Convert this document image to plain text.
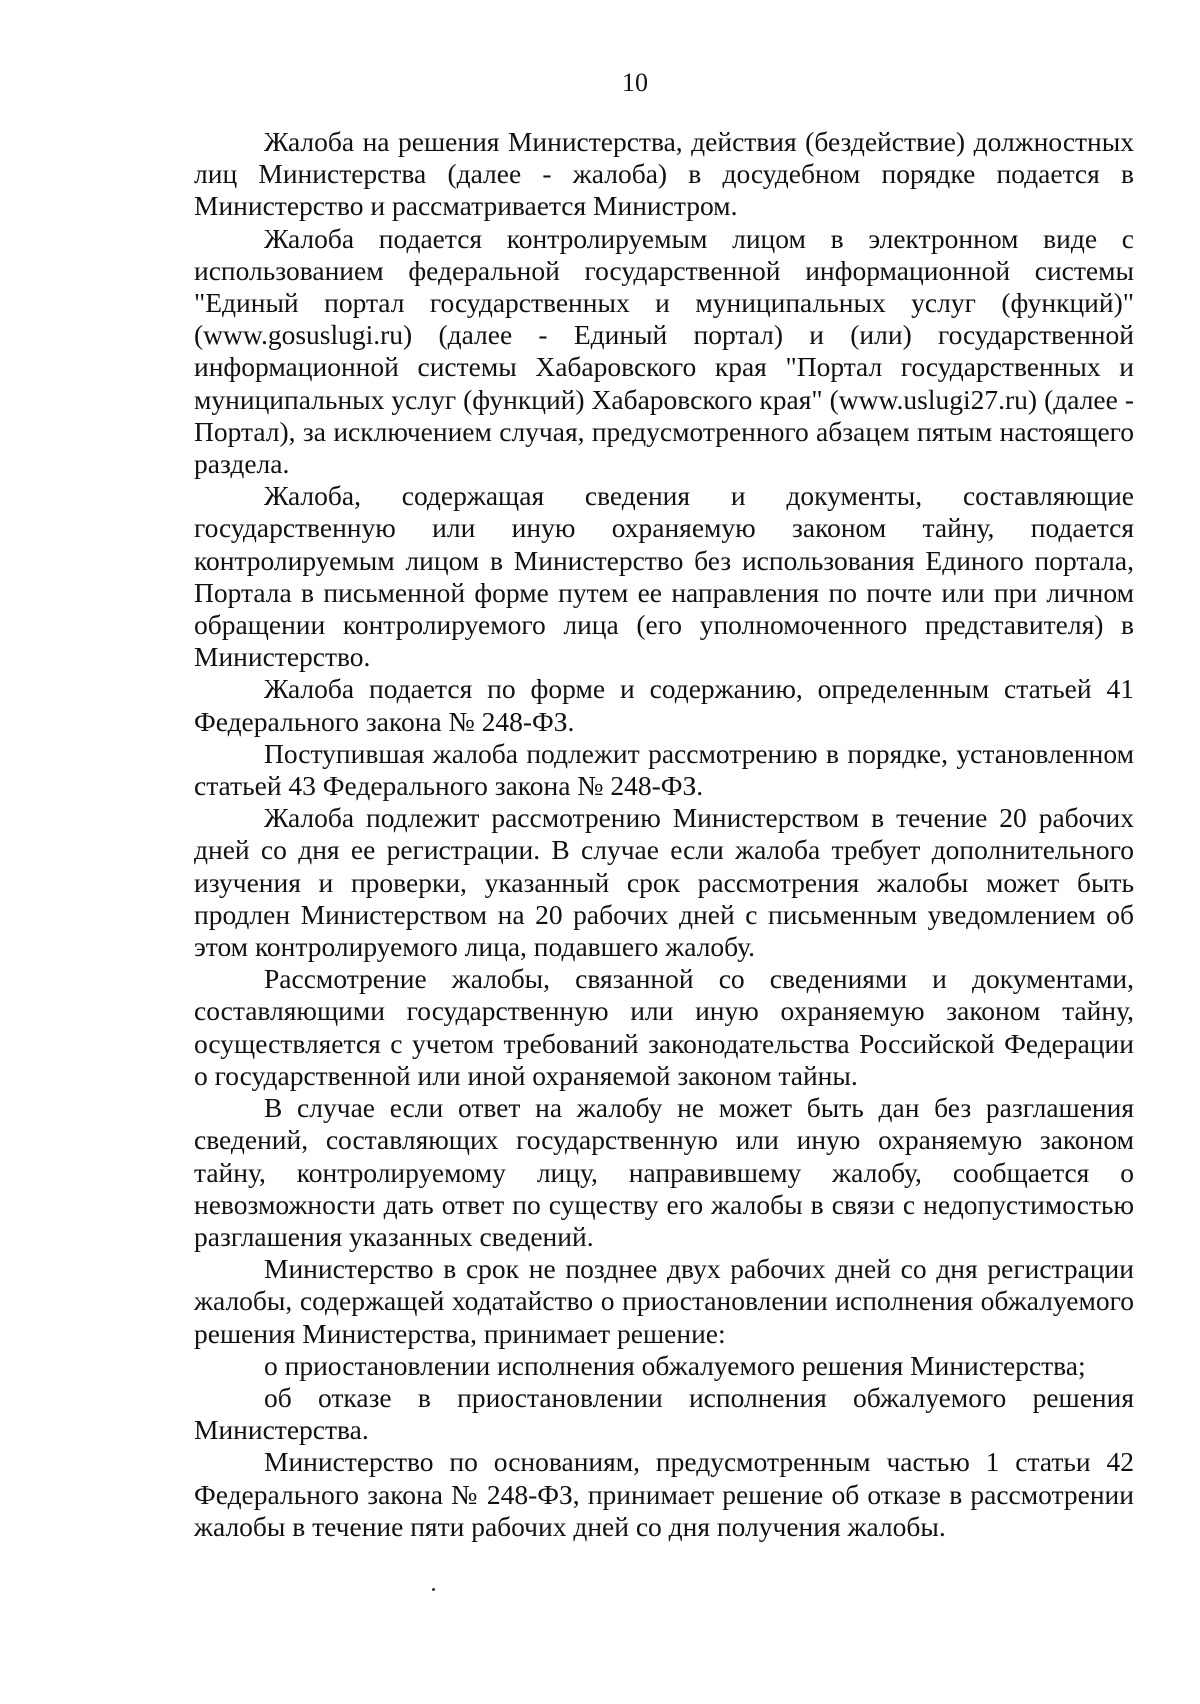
10

Жалоба на решения Министерства, действия (бездействие) должностных лиц Министерства (далее - жалоба) в досудебном порядке подается в Министерство и рассматривается Министром.

Жалоба подается контролируемым лицом в электронном виде с использованием федеральной государственной информационной системы "Единый портал государственных и муниципальных услуг (функций)" (www.gosuslugi.ru) (далее - Единый портал) и (или) государственной информационной системы Хабаровского края "Портал государственных и муниципальных услуг (функций) Хабаровского края" (www.uslugi27.ru) (далее - Портал), за исключением случая, предусмотренного абзацем пятым настоящего раздела.

Жалоба, содержащая сведения и документы, составляющие государственную или иную охраняемую законом тайну, подается контролируемым лицом в Министерство без использования Единого портала, Портала в письменной форме путем ее направления по почте или при личном обращении контролируемого лица (его уполномоченного представителя) в Министерство.

Жалоба подается по форме и содержанию, определенным статьей 41 Федерального закона № 248-ФЗ.

Поступившая жалоба подлежит рассмотрению в порядке, установленном статьей 43 Федерального закона № 248-ФЗ.

Жалоба подлежит рассмотрению Министерством в течение 20 рабочих дней со дня ее регистрации. В случае если жалоба требует дополнительного изучения и проверки, указанный срок рассмотрения жалобы может быть продлен Министерством на 20 рабочих дней с письменным уведомлением об этом контролируемого лица, подавшего жалобу.

Рассмотрение жалобы, связанной со сведениями и документами, составляющими государственную или иную охраняемую законом тайну, осуществляется с учетом требований законодательства Российской Федерации о государственной или иной охраняемой законом тайны.

В случае если ответ на жалобу не может быть дан без разглашения сведений, составляющих государственную или иную охраняемую законом тайну, контролируемому лицу, направившему жалобу, сообщается о невозможности дать ответ по существу его жалобы в связи с недопустимостью разглашения указанных сведений.

Министерство в срок не позднее двух рабочих дней со дня регистрации жалобы, содержащей ходатайство о приостановлении исполнения обжалуемого решения Министерства, принимает решение:

о приостановлении исполнения обжалуемого решения Министерства;

об отказе в приостановлении исполнения обжалуемого решения Министерства.

Министерство по основаниям, предусмотренным частью 1 статьи 42 Федерального закона № 248-ФЗ, принимает решение об отказе в рассмотрении жалобы в течение пяти рабочих дней со дня получения жалобы.
